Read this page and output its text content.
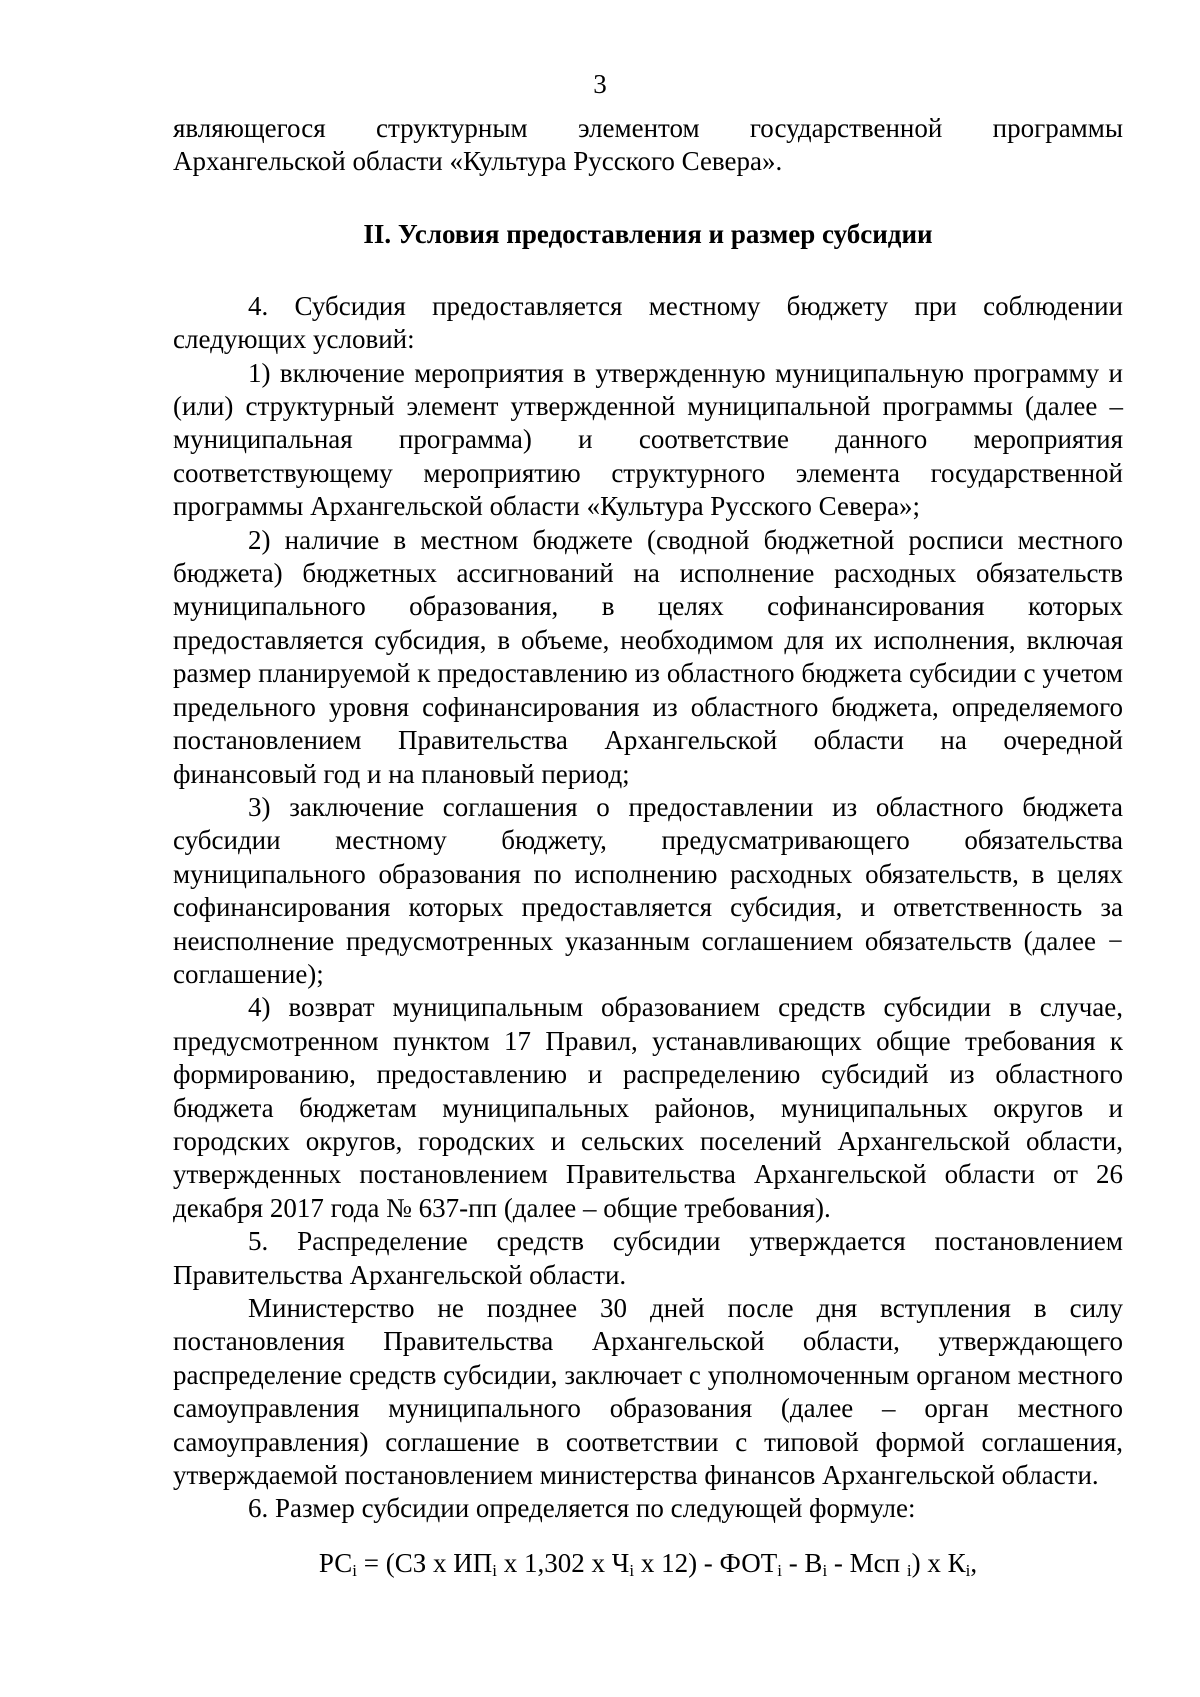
3

являющегося структурным элементом государственной программы Архангельской области «Культура Русского Севера».

II. Условия предоставления и размер субсидии

4. Субсидия предоставляется местному бюджету при соблюдении следующих условий:

1) включение мероприятия в утвержденную муниципальную программу и (или) структурный элемент утвержденной муниципальной программы (далее – муниципальная программа) и соответствие данного мероприятия соответствующему мероприятию структурного элемента государственной программы Архангельской области «Культура Русского Севера»;

2) наличие в местном бюджете (сводной бюджетной росписи местного бюджета) бюджетных ассигнований на исполнение расходных обязательств муниципального образования, в целях софинансирования которых предоставляется субсидия, в объеме, необходимом для их исполнения, включая размер планируемой к предоставлению из областного бюджета субсидии с учетом предельного уровня софинансирования из областного бюджета, определяемого постановлением Правительства Архангельской области на очередной финансовый год и на плановый период;

3) заключение соглашения о предоставлении из областного бюджета субсидии местному бюджету, предусматривающего обязательства муниципального образования по исполнению расходных обязательств, в целях софинансирования которых предоставляется субсидия, и ответственность за неисполнение предусмотренных указанным соглашением обязательств (далее − соглашение);

4) возврат муниципальным образованием средств субсидии в случае, предусмотренном пунктом 17 Правил, устанавливающих общие требования к формированию, предоставлению и распределению субсидий из областного бюджета бюджетам муниципальных районов, муниципальных округов и городских округов, городских и сельских поселений Архангельской области, утвержденных постановлением Правительства Архангельской области от 26 декабря 2017 года № 637-пп (далее – общие требования).

5. Распределение средств субсидии утверждается постановлением Правительства Архангельской области.

Министерство не позднее 30 дней после дня вступления в силу постановления Правительства Архангельской области, утверждающего распределение средств субсидии, заключает с уполномоченным органом местного самоуправления муниципального образования (далее – орган местного самоуправления) соглашение в соответствии с типовой формой соглашения, утверждаемой постановлением министерства финансов Архангельской области.

6. Размер субсидии определяется по следующей формуле:

$РС_i = (СЗ$ х $ИП_i$ х 1,302 х $Ч_i$ х $12) - ФОТ_i - В_i$ - Мсп $_i$) х $К_i$,
